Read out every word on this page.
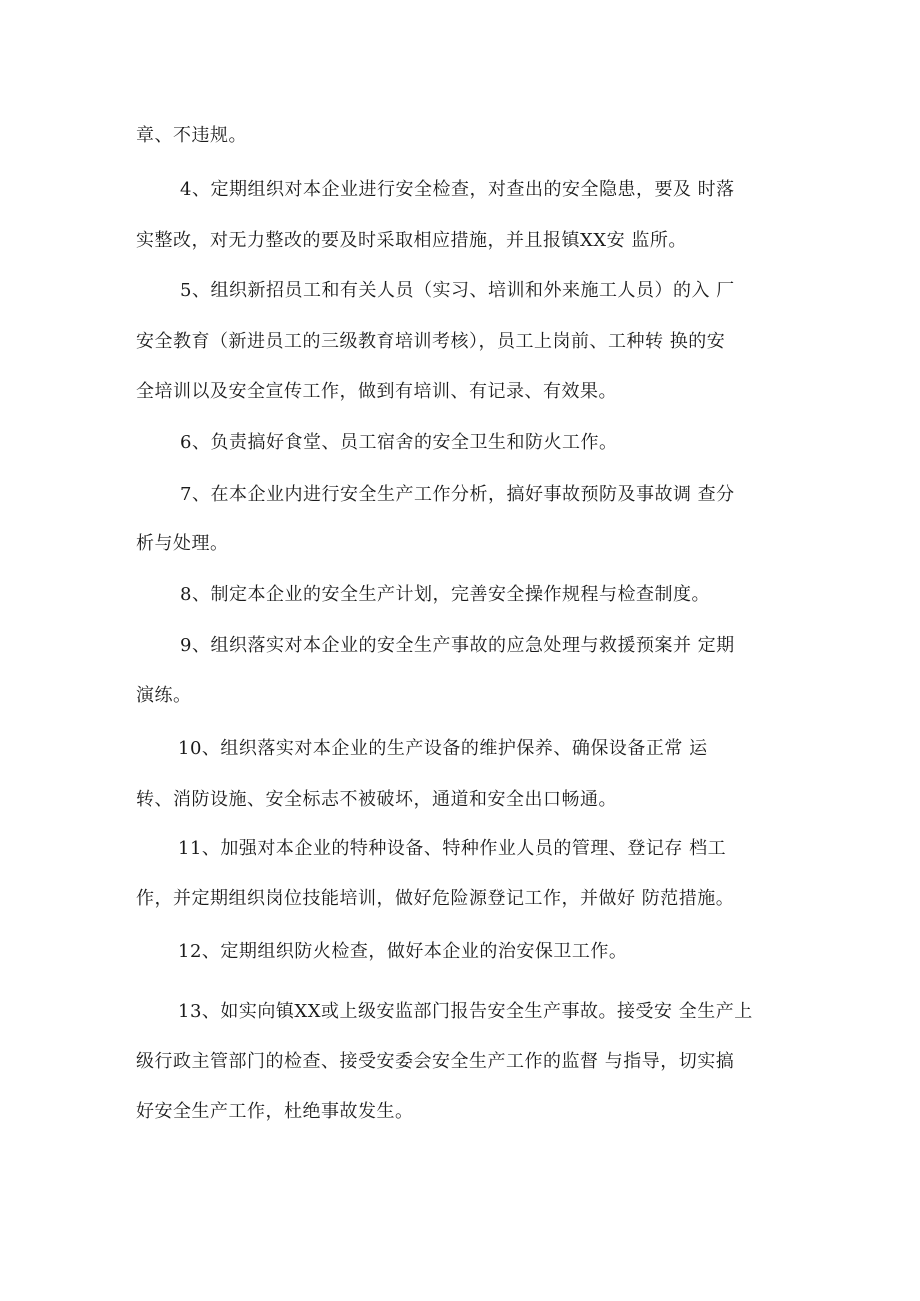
章、不违规。
4、定期组织对本企业进行安全检查，对查出的安全隐患，要及 时落
实整改，对无力整改的要及时采取相应措施，并且报镇XX安 监所。
5、组织新招员工和有关人员（实习、培训和外来施工人员）的入 厂
安全教育（新进员工的三级教育培训考核），员工上岗前、工种转 换的安
全培训以及安全宣传工作，做到有培训、有记录、有效果。
6、负责搞好食堂、员工宿舍的安全卫生和防火工作。
7、在本企业内进行安全生产工作分析，搞好事故预防及事故调 查分
析与处理。
8、制定本企业的安全生产计划，完善安全操作规程与检查制度。
9、组织落实对本企业的安全生产事故的应急处理与救援预案并 定期
演练。
10、组织落实对本企业的生产设备的维护保养、确保设备正常 运
转、消防设施、安全标志不被破坏，通道和安全出口畅通。
11、加强对本企业的特种设备、特种作业人员的管理、登记存 档工
作，并定期组织岗位技能培训，做好危险源登记工作，并做好 防范措施。
12、定期组织防火检查，做好本企业的治安保卫工作。
13、如实向镇XX或上级安监部门报告安全生产事故。接受安 全生产上
级行政主管部门的检查、接受安委会安全生产工作的监督 与指导，切实搞
好安全生产工作，杜绝事故发生。
